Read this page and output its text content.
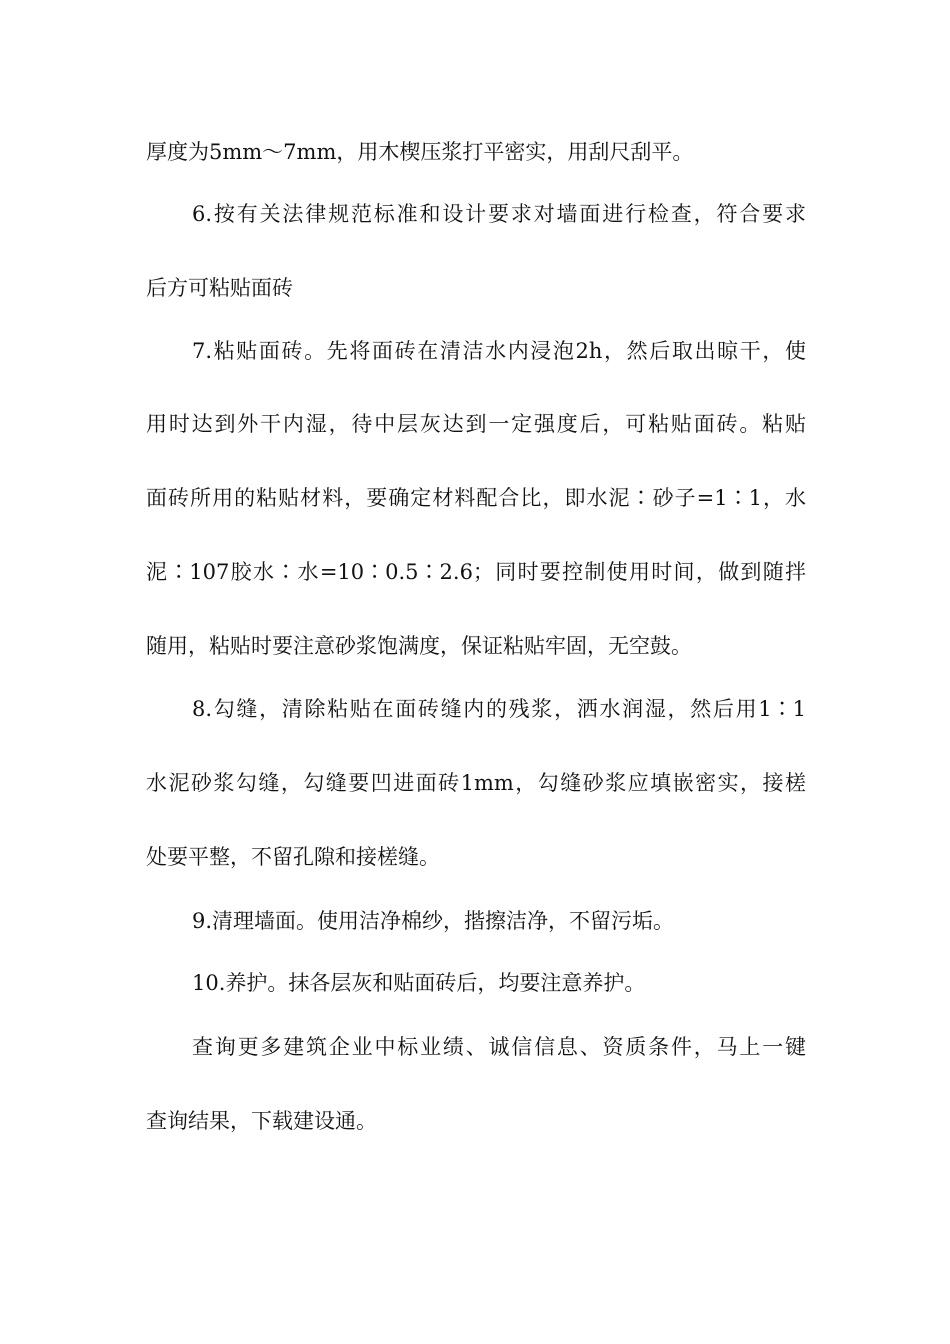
厚度为5mm～7mm，用木楔压浆打平密实，用刮尺刮平。
6.按有关法律规范标准和设计要求对墙面进行检查，符合要求
后方可粘贴面砖
7.粘贴面砖。先将面砖在清洁水内浸泡2h，然后取出晾干，使
用时达到外干内湿，待中层灰达到一定强度后，可粘贴面砖。粘贴
面砖所用的粘贴材料，要确定材料配合比，即水泥∶砂子=1∶1，水
泥∶107胶水∶水=10∶0.5∶2.6；同时要控制使用时间，做到随拌
随用，粘贴时要注意砂浆饱满度，保证粘贴牢固，无空鼓。
8.勾缝，清除粘贴在面砖缝内的残浆，洒水润湿，然后用1∶1
水泥砂浆勾缝，勾缝要凹进面砖1mm，勾缝砂浆应填嵌密实，接槎
处要平整，不留孔隙和接槎缝。
9.清理墙面。使用洁净棉纱，揩擦洁净，不留污垢。
10.养护。抹各层灰和贴面砖后，均要注意养护。
查询更多建筑企业中标业绩、诚信信息、资质条件，马上一键
查询结果，下载建设通。
